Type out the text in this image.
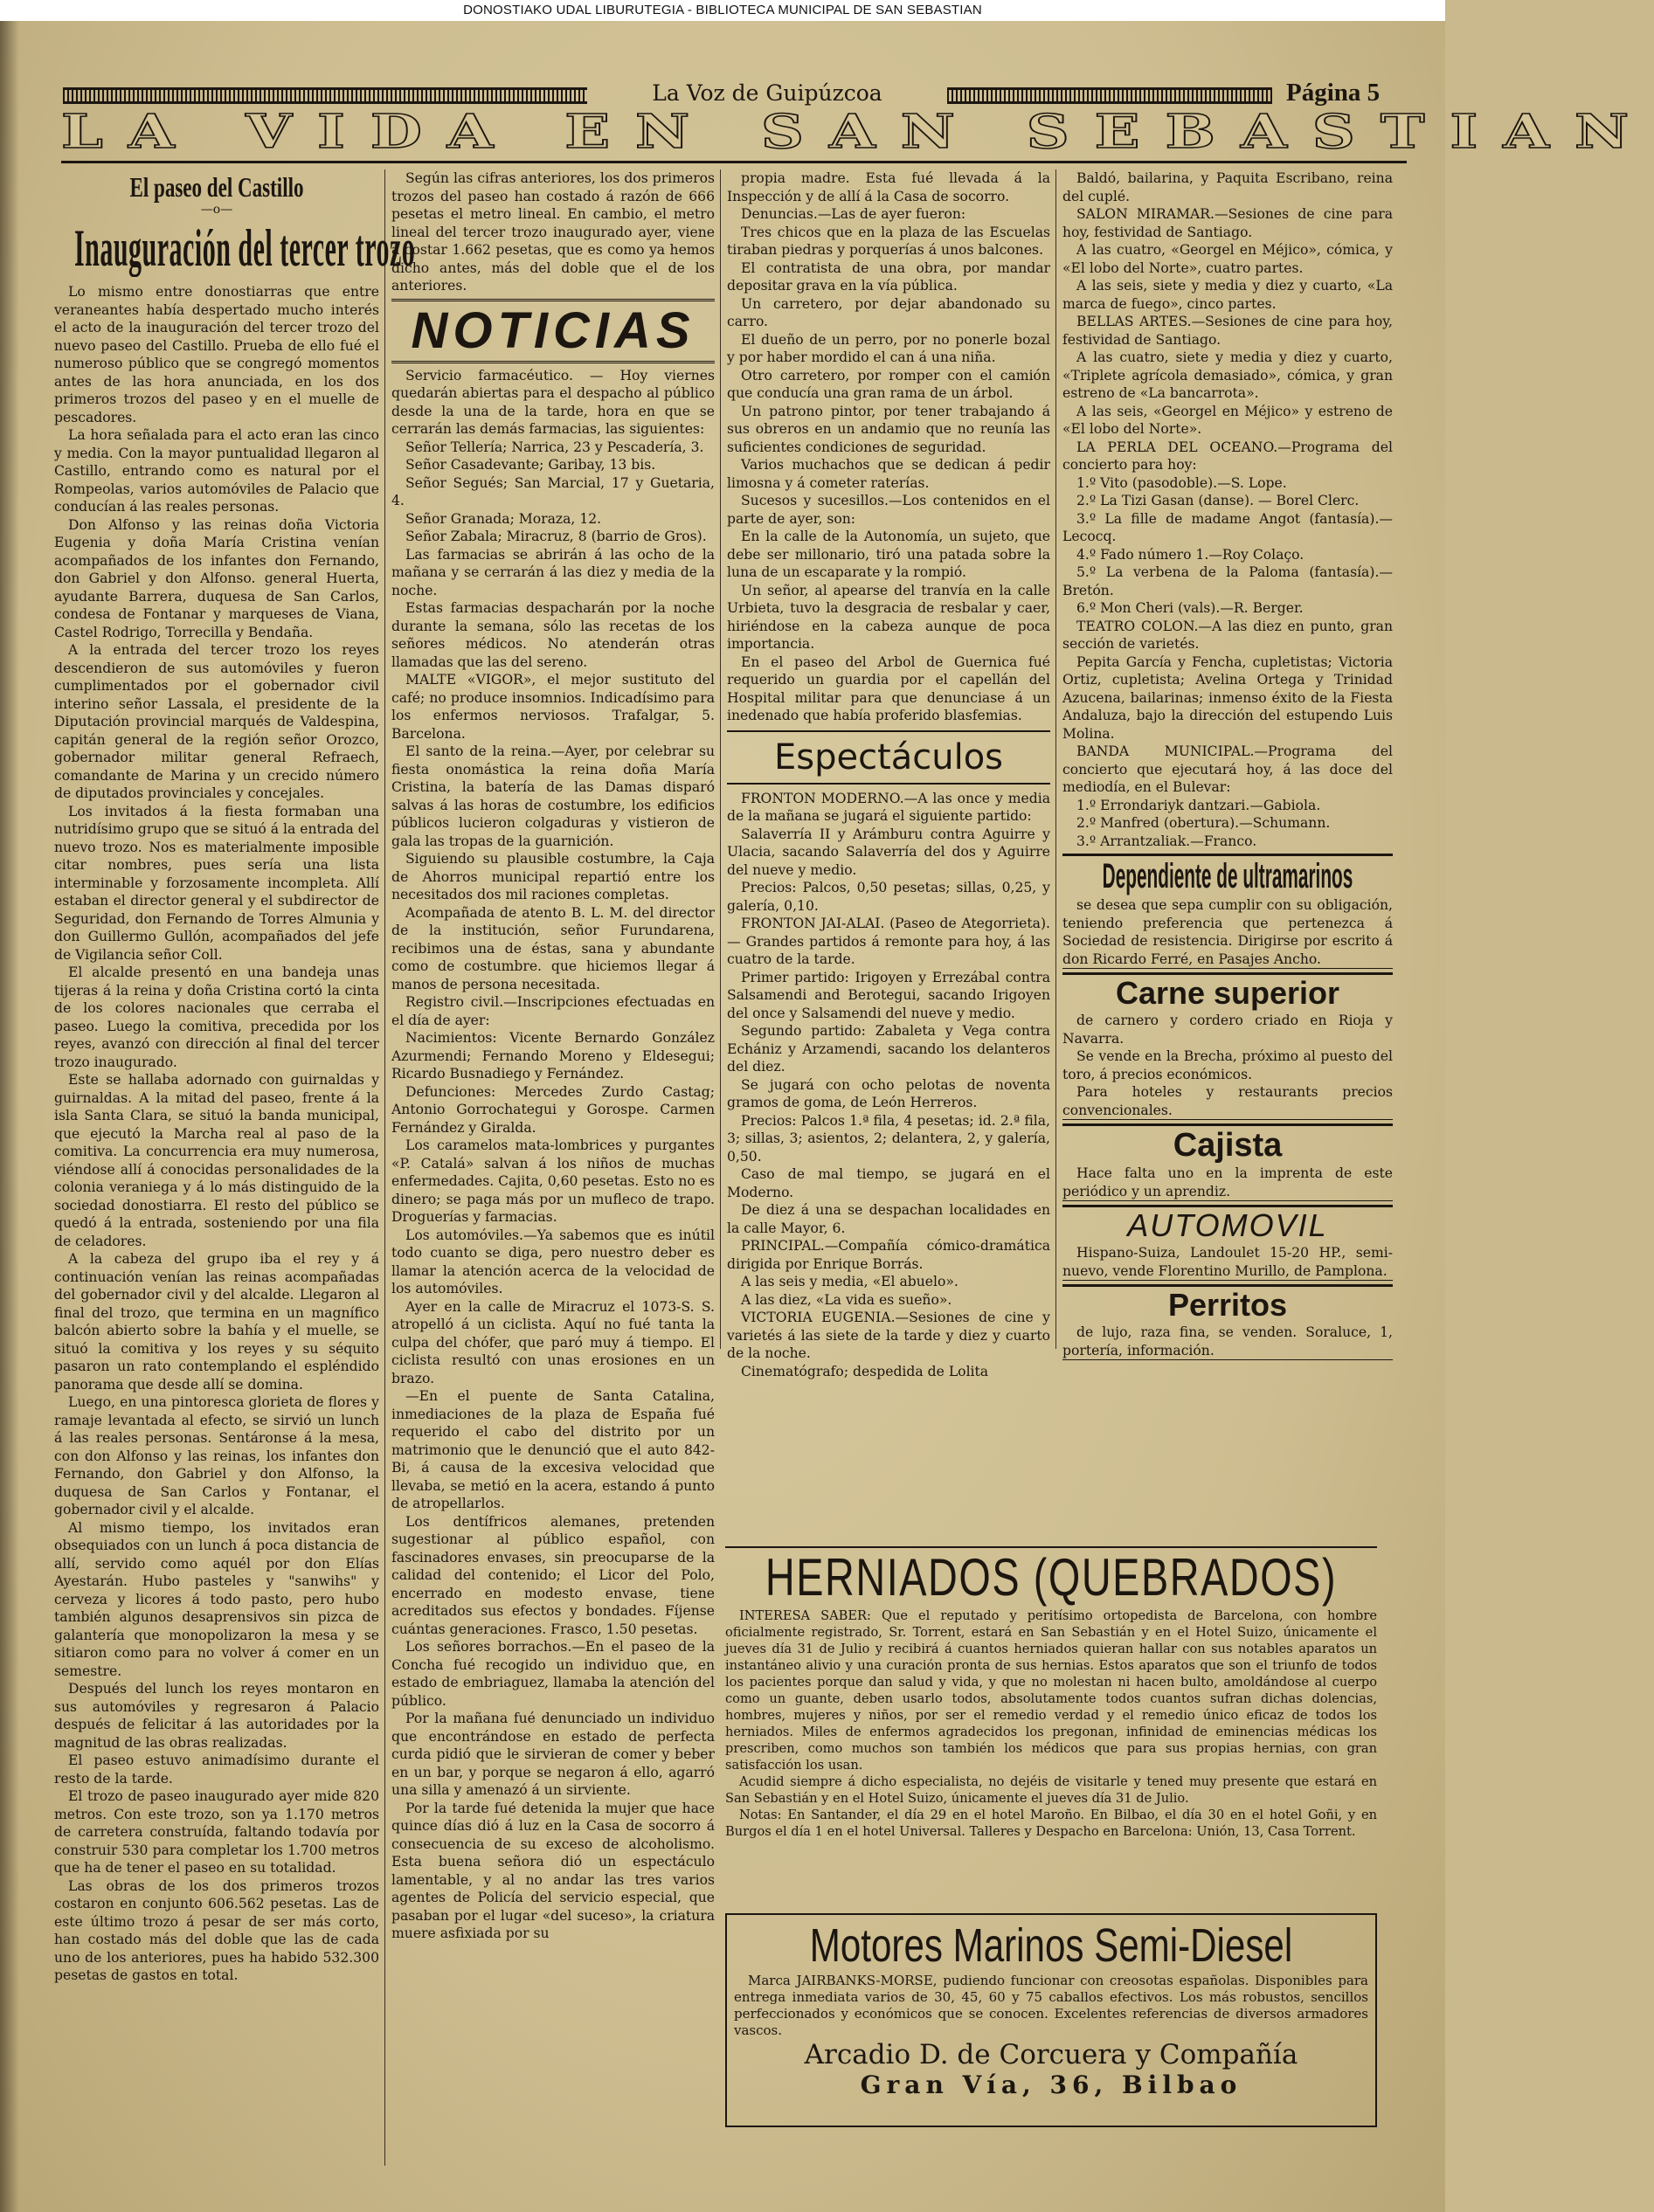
DONOSTIAKO UDAL LIBURUTEGIA - BIBLIOTECA MUNICIPAL DE SAN SEBASTIAN
La Voz de Guipúzcoa	Página 5
LA VIDA EN SAN SEBASTIAN
El paseo del Castillo
—o—
Inauguración del tercer trozo

Lo mismo entre donostiarras que entre veraneantes había despertado mucho interés el acto de la inauguración del tercer trozo del nuevo paseo del Castillo. Prueba de ello fué el numeroso público que se congregó momentos antes de las hora anunciada, en los dos primeros trozos del paseo y en el muelle de pescadores.

La hora señalada para el acto eran las cinco y media. Con la mayor puntualidad llegaron al Castillo, entrando como es natural por el Rompeolas, varios automóviles de Palacio que conducían á las reales personas.

Don Alfonso y las reinas doña Victoria Eugenia y doña María Cristina venían acompañados de los infantes don Fernando, don Gabriel y don Alfonso. general Huerta, ayudante Barrera, duquesa de San Carlos, condesa de Fontanar y marqueses de Viana, Castel Rodrigo, Torrecilla y Bendaña.

A la entrada del tercer trozo los reyes descendieron de sus automóviles y fueron cumplimentados por el gobernador civil interino señor Lassala, el presidente de la Diputación provincial marqués de Valdespina, capitán general de la región señor Orozco, gobernador militar general Refraech, comandante de Marina y un crecido número de diputados provinciales y concejales.

Los invitados á la fiesta formaban una nutridísimo grupo que se situó á la entrada del nuevo trozo. Nos es materialmente imposible citar nombres, pues sería una lista interminable y forzosamente incompleta. Allí estaban el director general y el subdirector de Seguridad, don Fernando de Torres Almunia y don Guillermo Gullón, acompañados del jefe de Vigilancia señor Coll.

El alcalde presentó en una bandeja unas tijeras á la reina y doña Cristina cortó la cinta de los colores nacionales que cerraba el paseo. Luego la comitiva, precedida por los reyes, avanzó con dirección al final del tercer trozo inaugurado.

Este se hallaba adornado con guirnaldas y guirnaldas. A la mitad del paseo, frente á la isla Santa Clara, se situó la banda municipal, que ejecutó la Marcha real al paso de la comitiva. La concurrencia era muy numerosa, viéndose allí á conocidas personalidades de la colonia veraniega y á lo más distinguido de la sociedad donostiarra. El resto del público se quedó á la entrada, sosteniendo por una fila de celadores.

A la cabeza del grupo iba el rey y á continuación venían las reinas acompañadas del gobernador civil y del alcalde. Llegaron al final del trozo, que termina en un magnífico balcón abierto sobre la bahía y el muelle, se situó la comitiva y los reyes y su séquito pasaron un rato contemplando el espléndido panorama que desde allí se domina.

Luego, en una pintoresca glorieta de flores y ramaje levantada al efecto, se sirvió un lunch á las reales personas. Sentáronse á la mesa, con don Alfonso y las reinas, los infantes don Fernando, don Gabriel y don Alfonso, la duquesa de San Carlos y Fontanar, el gobernador civil y el alcalde.

Al mismo tiempo, los invitados eran obsequiados con un lunch á poca distancia de allí, servido como aquél por don Elías Ayestarán. Hubo pasteles y "sanwihs" y cerveza y licores á todo pasto, pero hubo también algunos desaprensivos sin pizca de galantería que monopolizaron la mesa y se sitiaron como para no volver á comer en un semestre.

Después del lunch los reyes montaron en sus automóviles y regresaron á Palacio después de felicitar á las autoridades por la magnitud de las obras realizadas.

El paseo estuvo animadísimo durante el resto de la tarde.

El trozo de paseo inaugurado ayer mide 820 metros. Con este trozo, son ya 1.170 metros de carretera construída, faltando todavía por construir 530 para completar los 1.700 metros que ha de tener el paseo en su totalidad.

Las obras de los dos primeros trozos costaron en conjunto 606.562 pesetas. Las de este último trozo á pesar de ser más corto, han costado más del doble que las de cada uno de los anteriores, pues ha habido 532.300 pesetas de gastos en total.

Según las cifras anteriores, los dos primeros trozos del paseo han costado á razón de 666 pesetas el metro lineal. En cambio, el metro lineal del tercer trozo inaugurado ayer, viene á costar 1.662 pesetas, que es como ya hemos dicho antes, más del doble que el de los anteriores.

NOTICIAS

Servicio farmacéutico. — Hoy viernes quedarán abiertas para el despacho al público desde la una de la tarde, hora en que se cerrarán las demás farmacias, las siguientes:

Señor Tellería; Narrica, 23 y Pescadería, 3.

Señor Casadevante; Garibay, 13 bis.

Señor Segués; San Marcial, 17 y Guetaria, 4.

Señor Granada; Moraza, 12.

Señor Zabala; Miracruz, 8 (barrio de Gros).

Las farmacias se abrirán á las ocho de la mañana y se cerrarán á las diez y media de la noche.

Estas farmacias despacharán por la noche durante la semana, sólo las recetas de los señores médicos. No atenderán otras llamadas que las del sereno.

MALTE «VIGOR», el mejor sustituto del café; no produce insomnios. Indicadísimo para los enfermos nerviosos. Trafalgar, 5. Barcelona.

El santo de la reina.—Ayer, por celebrar su fiesta onomástica la reina doña María Cristina, la batería de las Damas disparó salvas á las horas de costumbre, los edificios públicos lucieron colgaduras y vistieron de gala las tropas de la guarnición.

Siguiendo su plausible costumbre, la Caja de Ahorros municipal repartió entre los necesitados dos mil raciones completas.

Acompañada de atento B. L. M. del director de la institución, señor Furundarena, recibimos una de éstas, sana y abundante como de costumbre. que hiciemos llegar á manos de persona necesitada.

Registro civil.—Inscripciones efectuadas en el día de ayer:

Nacimientos: Vicente Bernardo González Azurmendi; Fernando Moreno y Eldesegui; Ricardo Busnadiego y Fernández.

Defunciones: Mercedes Zurdo Castag; Antonio Gorrochategui y Gorospe. Carmen Fernández y Giralda.

Los caramelos mata-lombrices y purgantes «P. Catalá» salvan á los niños de muchas enfermedades. Cajita, 0,60 pesetas. Esto no es dinero; se paga más por un mufleco de trapo. Droguerías y farmacias.

Los automóviles.—Ya sabemos que es inútil todo cuanto se diga, pero nuestro deber es llamar la atención acerca de la velocidad de los automóviles.

Ayer en la calle de Miracruz el 1073-S. S. atropelló á un ciclista. Aquí no fué tanta la culpa del chófer, que paró muy á tiempo. El ciclista resultó con unas erosiones en un brazo.

—En el puente de Santa Catalina, inmediaciones de la plaza de España fué requerido el cabo del distrito por un matrimonio que le denunció que el auto 842-Bi, á causa de la excesiva velocidad que llevaba, se metió en la acera, estando á punto de atropellarlos.

Los dentífricos alemanes, pretenden sugestionar al público español, con fascinadores envases, sin preocuparse de la calidad del contenido; el Licor del Polo, encerrado en modesto envase, tiene acreditados sus efectos y bondades. Fíjense cuántas generaciones. Frasco, 1.50 pesetas.

Los señores borrachos.—En el paseo de la Concha fué recogido un individuo que, en estado de embriaguez, llamaba la atención del público.

Por la mañana fué denunciado un individuo que encontrándose en estado de perfecta curda pidió que le sirvieran de comer y beber en un bar, y porque se negaron á ello, agarró una silla y amenazó á un sirviente.

Por la tarde fué detenida la mujer que hace quince días dió á luz en la Casa de socorro á consecuencia de su exceso de alcoholismo. Esta buena señora dió un espectáculo lamentable, y al no andar las tres varios agentes de Policía del servicio especial, que pasaban por el lugar «del suceso», la criatura muere asfixiada por su

propia madre. Esta fué llevada á la Inspección y de allí á la Casa de socorro.

Denuncias.—Las de ayer fueron:

Tres chicos que en la plaza de las Escuelas tiraban piedras y porquerías á unos balcones.

El contratista de una obra, por mandar depositar grava en la vía pública.

Un carretero, por dejar abandonado su carro.

El dueño de un perro, por no ponerle bozal y por haber mordido el can á una niña.

Otro carretero, por romper con el camión que conducía una gran rama de un árbol.

Un patrono pintor, por tener trabajando á sus obreros en un andamio que no reunía las suficientes condiciones de seguridad.

Varios muchachos que se dedican á pedir limosna y á cometer raterías.

Sucesos y sucesillos.—Los contenidos en el parte de ayer, son:

En la calle de la Autonomía, un sujeto, que debe ser millonario, tiró una patada sobre la luna de un escaparate y la rompió.

Un señor, al apearse del tranvía en la calle Urbieta, tuvo la desgracia de resbalar y caer, hiriéndose en la cabeza aunque de poca importancia.

En el paseo del Arbol de Guernica fué requerido un guardia por el capellán del Hospital militar para que denunciase á un inedenado que había proferido blasfemias.

Espectáculos

FRONTON MODERNO.—A las once y media de la mañana se jugará el siguiente partido:

Salaverría II y Arámburu contra Aguirre y Ulacia, sacando Salaverría del dos y Aguirre del nueve y medio.

Precios: Palcos, 0,50 pesetas; sillas, 0,25, y galería, 0,10.

FRONTON JAI-ALAI. (Paseo de Ategorrieta).— Grandes partidos á remonte para hoy, á las cuatro de la tarde.

Primer partido: Irigoyen y Errezábal contra Salsamendi and Berotegui, sacando Irigoyen del once y Salsamendi del nueve y medio.

Segundo partido: Zabaleta y Vega contra Echániz y Arzamendi, sacando los delanteros del diez.

Se jugará con ocho pelotas de noventa gramos de goma, de León Herreros.

Precios: Palcos 1.ª fila, 4 pesetas; id. 2.ª fila, 3; sillas, 3; asientos, 2; delantera, 2, y galería, 0,50.

Caso de mal tiempo, se jugará en el Moderno.

De diez á una se despachan localidades en la calle Mayor, 6.

PRINCIPAL.—Compañía cómico-dramática dirigida por Enrique Borrás.

A las seis y media, «El abuelo».

A las diez, «La vida es sueño».

VICTORIA EUGENIA.—Sesiones de cine y varietés á las siete de la tarde y diez y cuarto de la noche.

Cinematógrafo; despedida de Lolita

Baldó, bailarina, y Paquita Escribano, reina del cuplé.

SALON MIRAMAR.—Sesiones de cine para hoy, festividad de Santiago.

A las cuatro, «Georgel en Méjico», cómica, y «El lobo del Norte», cuatro partes.

A las seis, siete y media y diez y cuarto, «La marca de fuego», cinco partes.

BELLAS ARTES.—Sesiones de cine para hoy, festividad de Santiago.

A las cuatro, siete y media y diez y cuarto, «Triplete agrícola demasiado», cómica, y gran estreno de «La bancarrota».

A las seis, «Georgel en Méjico» y estreno de «El lobo del Norte».

LA PERLA DEL OCEANO.—Programa del concierto para hoy:

1.º Vito (pasodoble).—S. Lope.

2.º La Tizi Gasan (danse). — Borel Clerc.

3.º La fille de madame Angot (fantasía).—Lecocq.

4.º Fado número 1.—Roy Colaço.

5.º La verbena de la Paloma (fantasía).—Bretón.

6.º Mon Cheri (vals).—R. Berger.

TEATRO COLON.—A las diez en punto, gran sección de varietés.

Pepita García y Fencha, cupletistas; Victoria Ortiz, cupletista; Avelina Ortega y Trinidad Azucena, bailarinas; inmenso éxito de la Fiesta Andaluza, bajo la dirección del estupendo Luis Molina.

BANDA MUNICIPAL.—Programa del concierto que ejecutará hoy, á las doce del mediodía, en el Bulevar:

1.º Errondariyk dantzari.—Gabiola.

2.º Manfred (obertura).—Schumann.

3.º Arrantzaliak.—Franco.

Dependiente de ultramarinos

se desea que sepa cumplir con su obligación, teniendo preferencia que pertenezca á Sociedad de resistencia. Dirigirse por escrito á don Ricardo Ferré, en Pasajes Ancho.

Carne superior

de carnero y cordero criado en Rioja y Navarra.

Se vende en la Brecha, próximo al puesto del toro, á precios económicos.

Para hoteles y restaurants precios convencionales.

Cajista

Hace falta uno en la imprenta de este periódico y un aprendiz.

AUTOMOVIL

Hispano-Suiza, Landoulet 15-20 HP., semi-nuevo, vende Florentino Murillo, de Pamplona.

Perritos

de lujo, raza fina, se venden. Soraluce, 1, portería, información.

HERNIADOS (QUEBRADOS)

INTERESA SABER: Que el reputado y peritísimo ortopedista de Barcelona, con hombre oficialmente registrado, Sr. Torrent, estará en San Sebastián y en el Hotel Suizo, únicamente el jueves día 31 de Julio y recibirá á cuantos herniados quieran hallar con sus notables aparatos un instantáneo alivio y una curación pronta de sus hernias. Estos aparatos que son el triunfo de todos los pacientes porque dan salud y vida, y que no molestan ni hacen bulto, amoldándose al cuerpo como un guante, deben usarlo todos, absolutamente todos cuantos sufran dichas dolencias, hombres, mujeres y niños, por ser el remedio verdad y el remedio único eficaz de todos los herniados. Miles de enfermos agradecidos los pregonan, infinidad de eminencias médicas los prescriben, como muchos son también los médicos que para sus propias hernias, con gran satisfacción los usan.

Acudid siempre á dicho especialista, no dejéis de visitarle y tened muy presente que estará en San Sebastián y en el Hotel Suizo, únicamente el jueves día 31 de Julio.

Notas: En Santander, el día 29 en el hotel Maroño. En Bilbao, el día 30 en el hotel Goñi, y en Burgos el día 1 en el hotel Universal. Talleres y Despacho en Barcelona: Unión, 13, Casa Torrent.

Motores Marinos Semi-Diesel

Marca JAIRBANKS-MORSE, pudiendo funcionar con creosotas españolas. Disponibles para entrega inmediata varios de 30, 45, 60 y 75 caballos efectivos. Los más robustos, sencillos perfeccionados y económicos que se conocen. Excelentes referencias de diversos armadores vascos.

Arcadio D. de Corcuera y Compañía
Gran Vía, 36, Bilbao
